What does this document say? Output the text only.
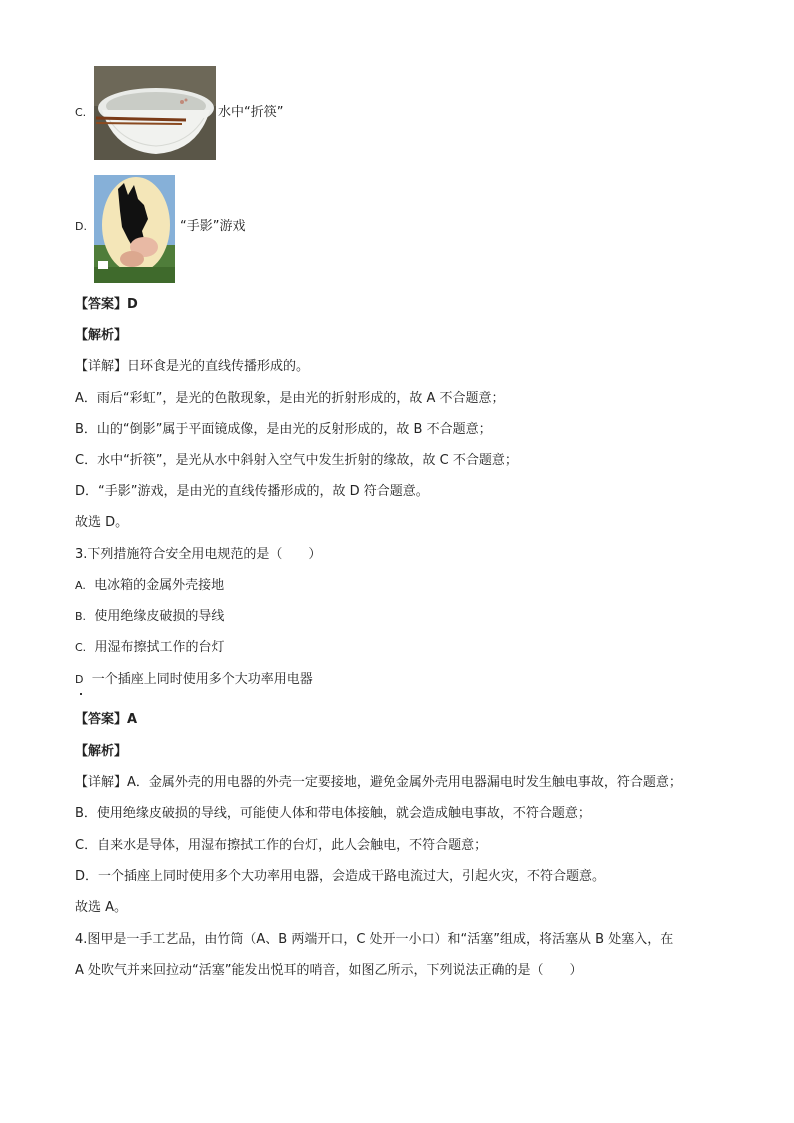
C.	水中“折筷”
D.	“手影”游戏
【答案】D
【解析】
【详解】日环食是光的直线传播形成的。
A．雨后“彩虹”，是光的色散现象，是由光的折射形成的，故 A 不合题意；
B．山的“倒影”属于平面镜成像，是由光的反射形成的，故 B 不合题意；
C．水中“折筷”，是光从水中斜射入空气中发生折射的缘故，故 C 不合题意；
D．“手影”游戏，是由光的直线传播形成的，故 D 符合题意。
故选 D。
3.下列措施符合安全用电规范的是（　　）
A. 电冰箱的金属外壳接地
B. 使用绝缘皮破损的导线
C. 用湿布擦拭工作的台灯
D 一个插座上同时使用多个大功率用电器
【答案】A
【解析】
【详解】A．金属外壳的用电器的外壳一定要接地，避免金属外壳用电器漏电时发生触电事故，符合题意；
B．使用绝缘皮破损的导线，可能使人体和带电体接触，就会造成触电事故，不符合题意；
C．自来水是导体，用湿布擦拭工作的台灯，此人会触电，不符合题意；
D．一个插座上同时使用多个大功率用电器，会造成干路电流过大，引起火灾，不符合题意。
故选 A。
4.图甲是一手工艺品，由竹筒（A、B 两端开口，C 处开一小口）和“活塞”组成，将活塞从 B 处塞入，在
A 处吹气并来回拉动“活塞”能发出悦耳的哨音，如图乙所示，下列说法正确的是（　　）
